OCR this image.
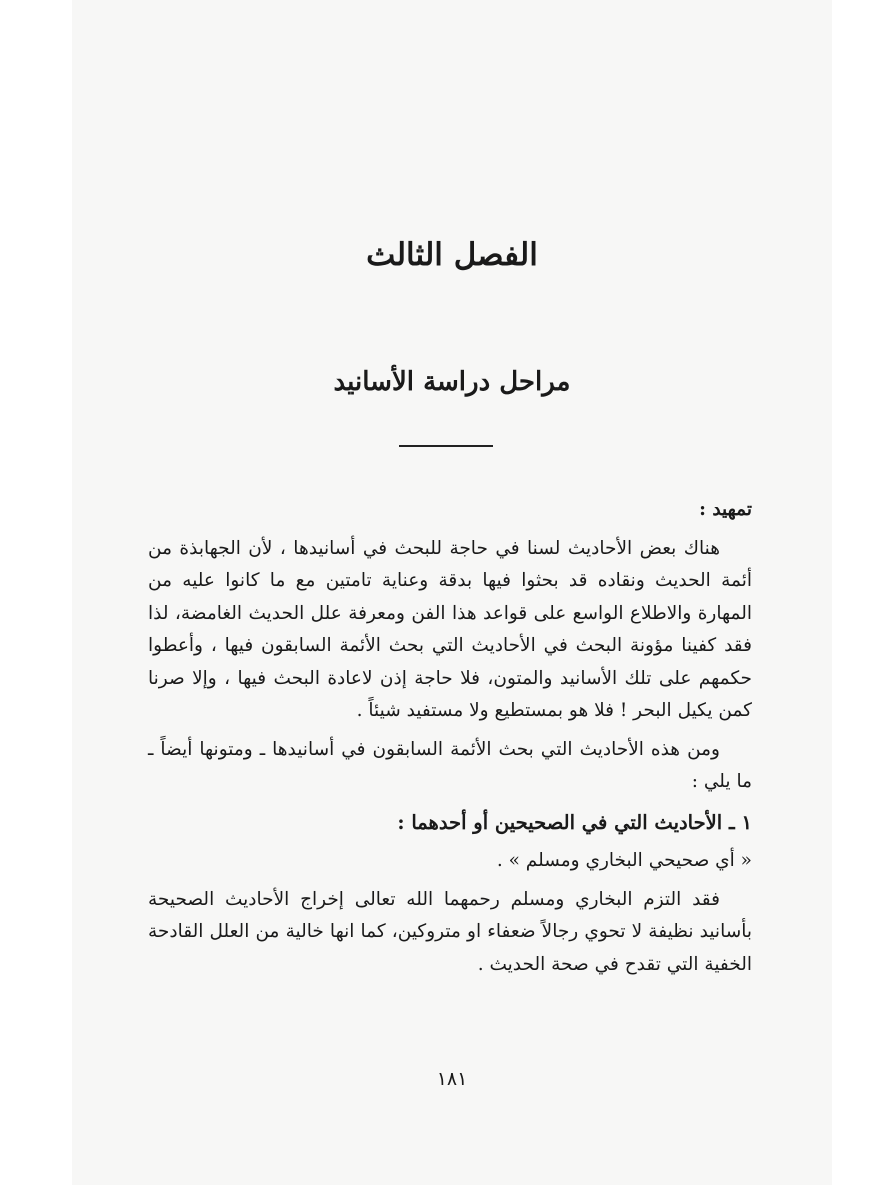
الفصل الثالث
مراحل دراسة الأسانيد

تمهيد :

هناك بعض الأحاديث لسنا في حاجة للبحث في أسانيدها ، لأن الجهابذة من أئمة الحديث ونقاده قد بحثوا فيها بدقة وعناية تامتين مع ما كانوا عليه من المهارة والاطلاع الواسع على قواعد هذا الفن ومعرفة علل الحديث الغامضة، لذا فقد كفينا مؤونة البحث في الأحاديث التي بحث الأئمة السابقون فيها ، وأعطوا حكمهم على تلك الأسانيد والمتون، فلا حاجة إذن لاعادة البحث فيها ، وإلا صرنا كمن يكيل البحر ! فلا هو بمستطيع ولا مستفيد شيئاً .

ومن هذه الأحاديث التي بحث الأئمة السابقون في أسانيدها ـ ومتونها أيضاً ـ ما يلي :

١ ـ الأحاديث التي في الصحيحين أو أحدهما :

« أي صحيحي البخاري ومسلم » .

فقد التزم البخاري ومسلم رحمهما الله تعالى إخراج الأحاديث الصحيحة بأسانيد نظيفة لا تحوي رجالاً ضعفاء او متروكين، كما انها خالية من العلل القادحة الخفية التي تقدح في صحة الحديث .

١٨١
